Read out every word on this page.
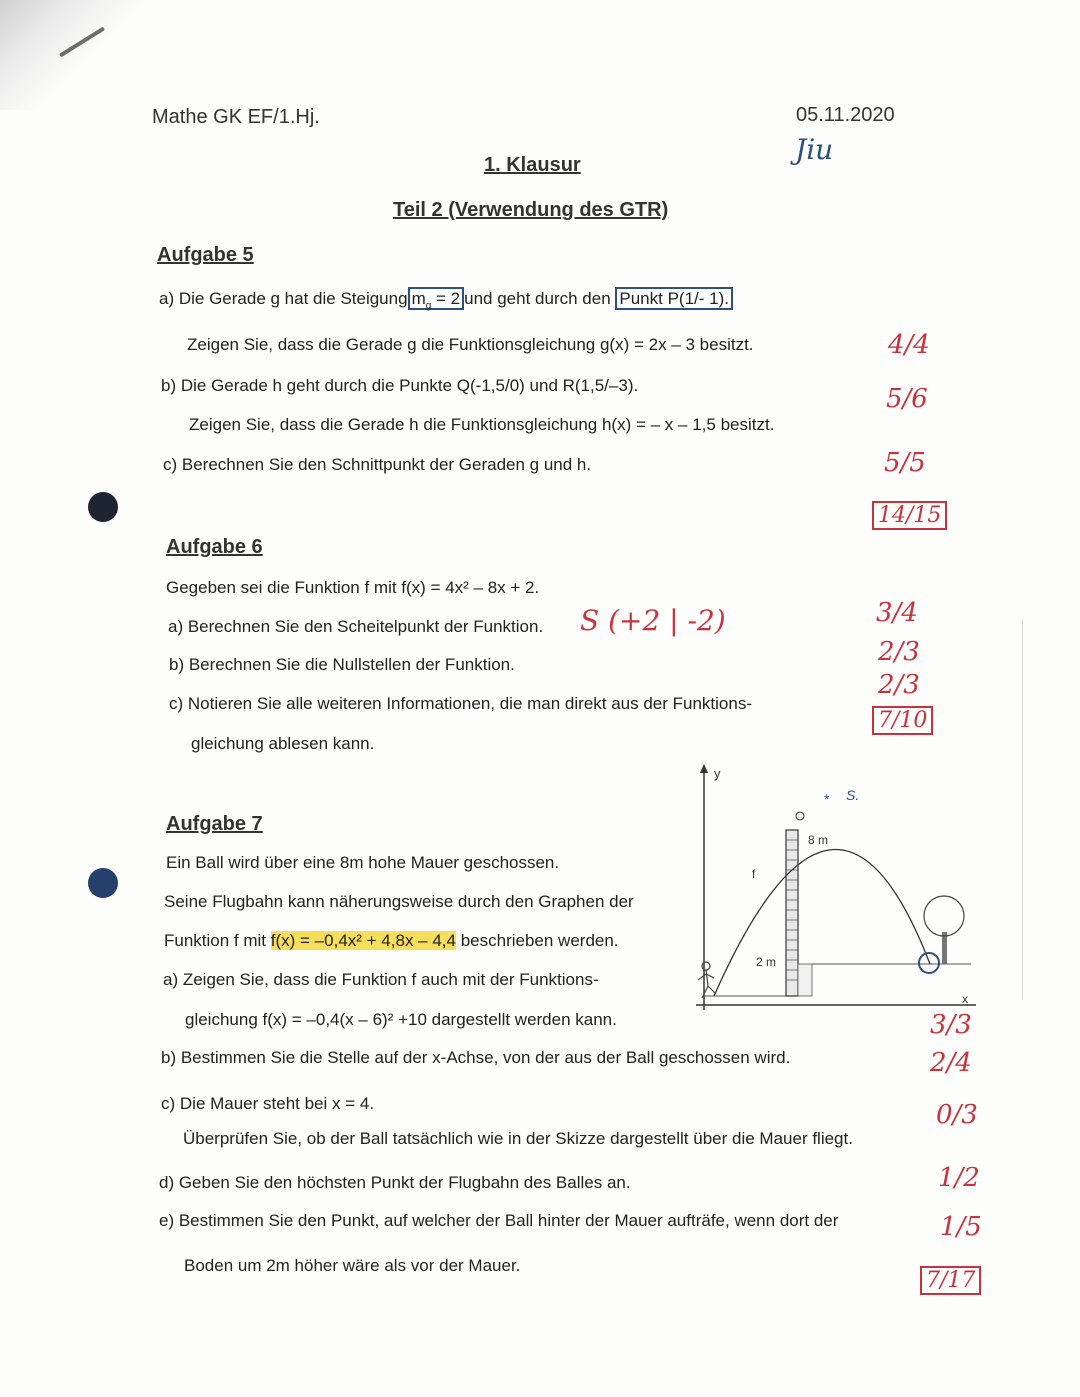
Mathe GK EF/1.Hj.	05.11.2020
Jiu
1. Klausur
Teil 2 (Verwendung des GTR)
Aufgabe 5
a) Die Gerade g hat die Steigung $m_g = 2$ und geht durch den Punkt P(1/- 1).
Zeigen Sie, dass die Gerade g die Funktionsgleichung g(x) = 2x – 3 besitzt.
b) Die Gerade h geht durch die Punkte Q(-1,5/0) und R(1,5/–3).
Zeigen Sie, dass die Gerade h die Funktionsgleichung h(x) = – x – 1,5 besitzt.
c) Berechnen Sie den Schnittpunkt der Geraden g und h.
4/4
5/6
5/5
14/15
Aufgabe 6
Gegeben sei die Funktion f mit f(x) = 4x² – 8x + 2.
a) Berechnen Sie den Scheitelpunkt der Funktion. S (+2 | -2)
b) Berechnen Sie die Nullstellen der Funktion.
c) Notieren Sie alle weiteren Informationen, die man direkt aus der Funktions-
gleichung ablesen kann.
3/4
2/3
2/3
7/10
Aufgabe 7
Ein Ball wird über eine 8m hohe Mauer geschossen.
Seine Flugbahn kann näherungsweise durch den Graphen der
Funktion f mit f(x) = –0,4x² + 4,8x – 4,4 beschrieben werden.
a) Zeigen Sie, dass die Funktion f auch mit der Funktions-
gleichung f(x) = –0,4(x – 6)² +10 dargestellt werden kann.
b) Bestimmen Sie die Stelle auf der x-Achse, von der aus der Ball geschossen wird.
c) Die Mauer steht bei x = 4.
Überprüfen Sie, ob der Ball tatsächlich wie in der Skizze dargestellt über die Mauer fliegt.
d) Geben Sie den höchsten Punkt der Flugbahn des Balles an.
e) Bestimmen Sie den Punkt, auf welcher der Ball hinter der Mauer aufträfe, wenn dort der
Boden um 2m höher wäre als vor der Mauer.
3/3
2/4
0/3
1/2
1/5
7/17
y
x
f
8 m
2 m
* S.
